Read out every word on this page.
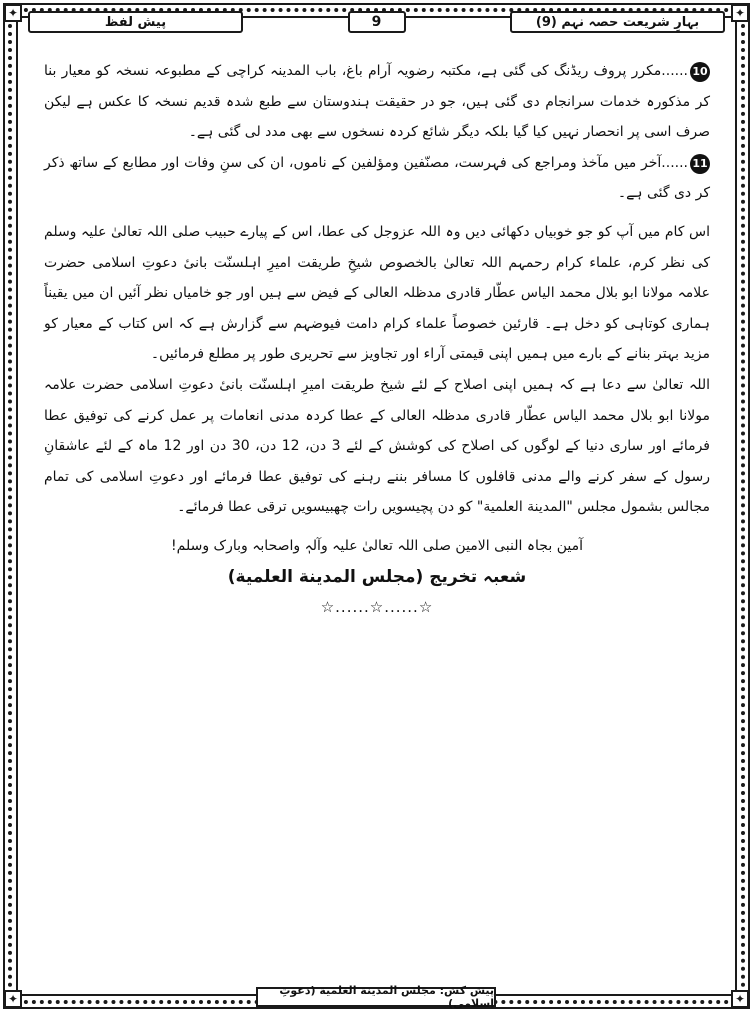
✦	✦
✦	✦
بہارِ شریعت حصہ نہم (9)
9
پیش لفظ

10......مکرر پروف ریڈنگ کی گئی ہے، مکتبہ رضویہ آرام باغ، باب المدینہ کراچی کے مطبوعہ نسخہ کو معیار بنا کر مذکورہ خدمات سرانجام دی گئی ہیں، جو در حقیقت ہندوستان سے طبع شدہ قدیم نسخہ کا عکس ہے لیکن صرف اسی پر انحصار نہیں کیا گیا بلکہ دیگر شائع کردہ نسخوں سے بھی مدد لی گئی ہے۔

11......آخر میں مآخذ ومراجع کی فہرست، مصنّفین ومؤلفین کے ناموں، ان کی سنِ وفات اور مطابع کے ساتھ ذکر کر دی گئی ہے۔

اس کام میں آپ کو جو خوبیاں دکھائی دیں وہ اللہ عزوجل کی عطا، اس کے پیارے حبیب صلی اللہ تعالیٰ علیہ وسلم کی نظر کرم، علماء کرام رحمہم اللہ تعالیٰ بالخصوص شیخِ طریقت امیرِ اہلسنّت بانیٔ دعوتِ اسلامی حضرت علامہ مولانا ابو بلال محمد الیاس عطّار قادری مدظلہ العالی کے فیض سے ہیں اور جو خامیاں نظر آئیں ان میں یقیناً ہماری کوتاہی کو دخل ہے۔ قارئین خصوصاً علماء کرام دامت فیوضہم سے گزارش ہے کہ اس کتاب کے معیار کو مزید بہتر بنانے کے بارے میں ہمیں اپنی قیمتی آراء اور تجاویز سے تحریری طور پر مطلع فرمائیں۔

اللہ تعالیٰ سے دعا ہے کہ ہمیں اپنی اصلاح کے لئے شیخ طریقت امیرِ اہلسنّت بانیٔ دعوتِ اسلامی حضرت علامہ مولانا ابو بلال محمد الیاس عطّار قادری مدظلہ العالی کے عطا کردہ مدنی انعامات پر عمل کرنے کی توفیق عطا فرمائے اور ساری دنیا کے لوگوں کی اصلاح کی کوشش کے لئے 3 دن، 12 دن، 30 دن اور 12 ماہ کے لئے عاشقانِ رسول کے سفر کرنے والے مدنی قافلوں کا مسافر بننے رہنے کی توفیق عطا فرمائے اور دعوتِ اسلامی کی تمام مجالس بشمول مجلس "المدینة العلمیة" کو دن پچیسویں رات چھبیسویں ترقی عطا فرمائے۔

آمین بجاہ النبی الامین صلی اللہ تعالیٰ علیہ وآلہٖ واصحابہ وبارک وسلم!

شعبہ تخریج (مجلس المدينة العلمية)

☆......☆......☆

پیش کش: مجلس المدينة العلمية (دعوتِ اسلامی)
